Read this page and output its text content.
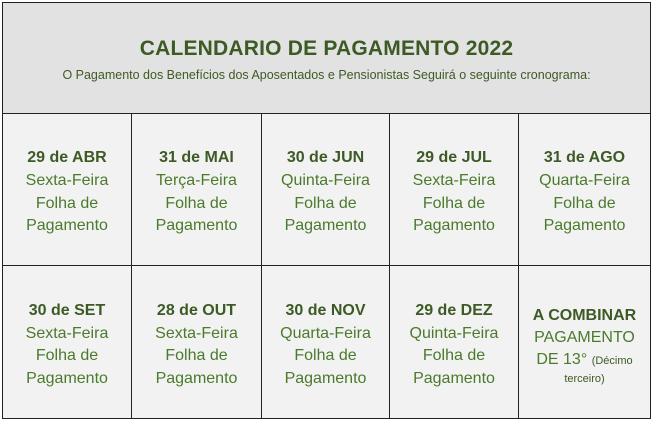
CALENDARIO DE PAGAMENTO 2022
O Pagamento dos Benefícios dos Aposentados e Pensionistas Seguirá o seguinte cronograma:
29 de ABR
Sexta-Feira
Folha de
Pagamento
31 de MAI
Terça-Feira
Folha de
Pagamento
30 de JUN
Quinta-Feira
Folha de
Pagamento
29 de JUL
Sexta-Feira
Folha de
Pagamento
31 de AGO
Quarta-Feira
Folha de
Pagamento
30 de SET
Sexta-Feira
Folha de
Pagamento
28 de OUT
Sexta-Feira
Folha de
Pagamento
30 de NOV
Quarta-Feira
Folha de
Pagamento
29 de DEZ
Quinta-Feira
Folha de
Pagamento
A COMBINAR
PAGAMENTO
DE 13° (Décimo
terceiro)
